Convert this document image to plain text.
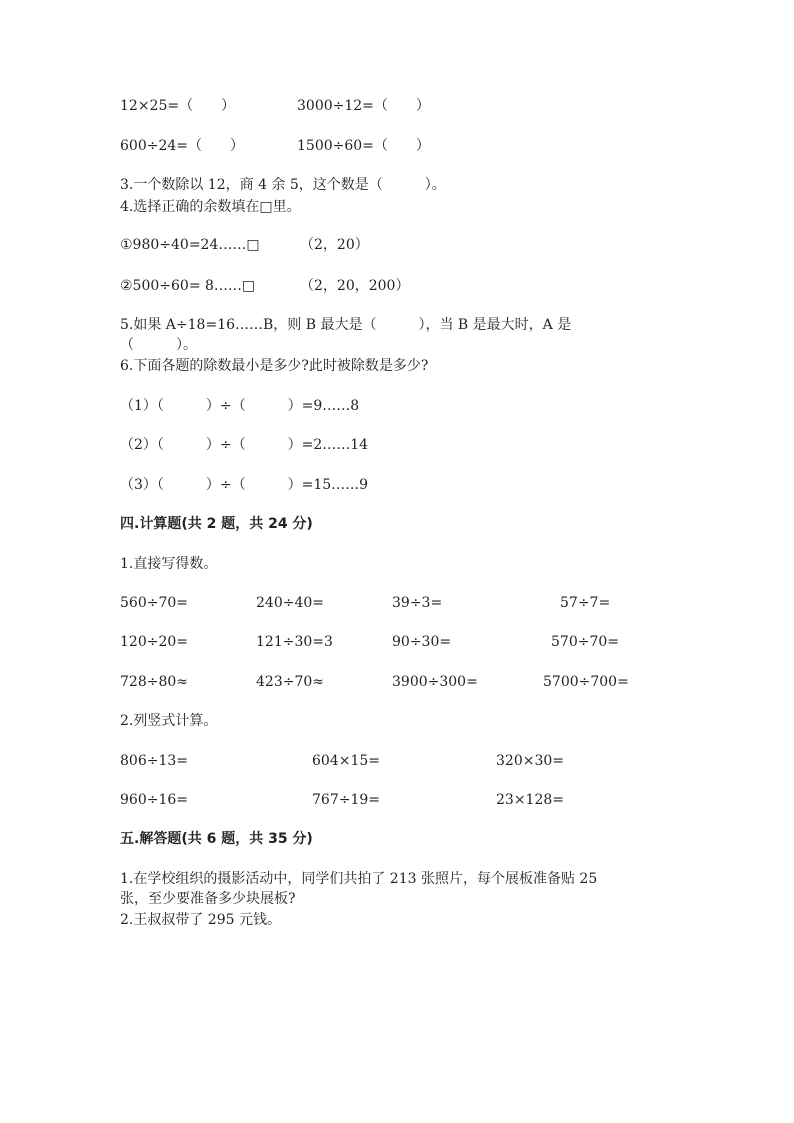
12×25=（　　）	3000÷12=（　　）
600÷24=（　　）	1500÷60=（　　）
3.一个数除以 12，商 4 余 5，这个数是（　　　）。
4.选择正确的余数填在□里。
①980÷40=24……□	（2，20）
②500÷60= 8……□	（2，20，200）
5.如果 A÷18=16……B，则 B 最大是（　　　），当 B 是最大时，A 是
（　　　）。
6.下面各题的除数最小是多少?此时被除数是多少?
（1）（　　　）÷（　　　）=9……8
（2）（　　　）÷（　　　）=2……14
（3）（　　　）÷（　　　）=15……9
四.计算题(共 2 题，共 24 分)
1.直接写得数。
560÷70=	240÷40=	39÷3=	57÷7=
120÷20=	121÷30=3	90÷30=	570÷70=
728÷80≈	423÷70≈	3900÷300=	5700÷700=
2.列竖式计算。
806÷13=	604×15=	320×30=
960÷16=	767÷19=	23×128=
五.解答题(共 6 题，共 35 分)
1.在学校组织的摄影活动中，同学们共拍了 213 张照片，每个展板准备贴 25
张，至少要准备多少块展板?
2.王叔叔带了 295 元钱。
